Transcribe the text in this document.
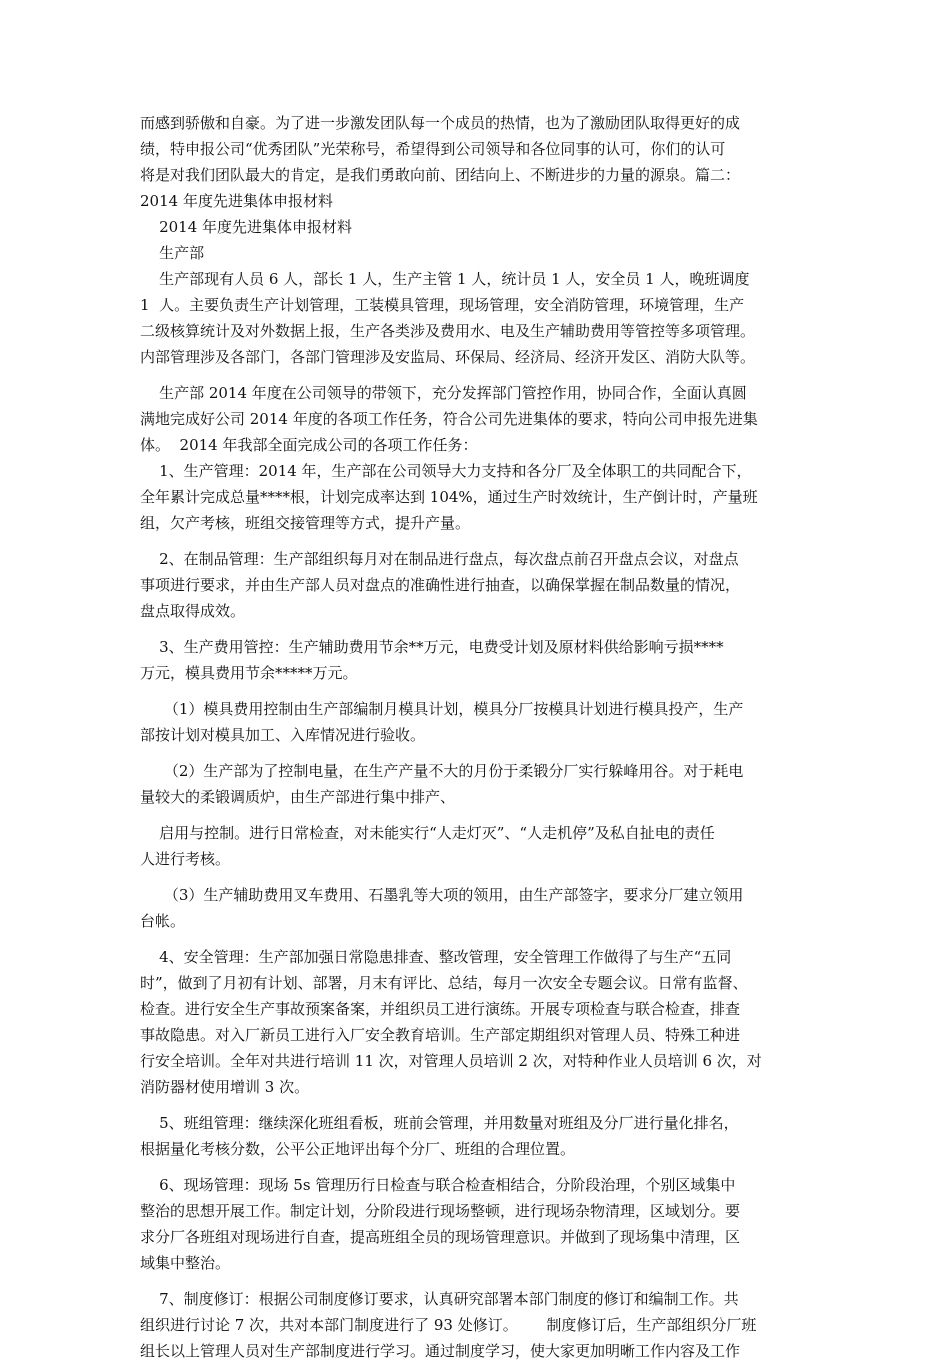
而感到骄傲和自豪。为了进一步激发团队每一个成员的热情，也为了激励团队取得更好的成
绩，特申报公司“优秀团队”光荣称号，希望得到公司领导和各位同事的认可，你们的认可
将是对我们团队最大的肯定，是我们勇敢向前、团结向上、不断进步的力量的源泉。篇二：
2014 年度先进集体申报材料
2014 年度先进集体申报材料
生产部
生产部现有人员 6 人，部长 1 人，生产主管 1 人，统计员 1 人，安全员 1 人，晚班调度
1  人。主要负责生产计划管理，工装模具管理，现场管理，安全消防管理，环境管理，生产
二级核算统计及对外数据上报，生产各类涉及费用水、电及生产辅助费用等管控等多项管理。
内部管理涉及各部门，各部门管理涉及安监局、环保局、经济局、经济开发区、消防大队等。
生产部 2014 年度在公司领导的带领下，充分发挥部门管控作用，协同合作，全面认真圆
满地完成好公司 2014 年度的各项工作任务，符合公司先进集体的要求，特向公司申报先进集
体。  2014 年我部全面完成公司的各项工作任务：
1、生产管理：2014 年，生产部在公司领导大力支持和各分厂及全体职工的共同配合下，
全年累计完成总量****根，计划完成率达到 104%，通过生产时效统计，生产倒计时，产量班
组，欠产考核，班组交接管理等方式，提升产量。
2、在制品管理：生产部组织每月对在制品进行盘点，每次盘点前召开盘点会议，对盘点
事项进行要求，并由生产部人员对盘点的准确性进行抽查，以确保掌握在制品数量的情况，
盘点取得成效。
3、生产费用管控：生产辅助费用节余**万元，电费受计划及原材料供给影响亏损****
万元，模具费用节余*****万元。
（1）模具费用控制由生产部编制月模具计划，模具分厂按模具计划进行模具投产，生产
部按计划对模具加工、入库情况进行验收。
（2）生产部为了控制电量，在生产产量不大的月份于柔锻分厂实行躲峰用谷。对于耗电
量较大的柔锻调质炉，由生产部进行集中排产、
启用与控制。进行日常检查，对未能实行“人走灯灭”、“人走机停”及私自扯电的责任
人进行考核。
（3）生产辅助费用叉车费用、石墨乳等大项的领用，由生产部签字，要求分厂建立领用
台帐。
4、安全管理：生产部加强日常隐患排查、整改管理，安全管理工作做得了与生产“五同
时”，做到了月初有计划、部署，月末有评比、总结，每月一次安全专题会议。日常有监督、
检查。进行安全生产事故预案备案，并组织员工进行演练。开展专项检查与联合检查，排查
事故隐患。对入厂新员工进行入厂安全教育培训。生产部定期组织对管理人员、特殊工种进
行安全培训。全年对共进行培训 11 次，对管理人员培训 2 次，对特种作业人员培训 6 次，对
消防器材使用增训 3 次。
5、班组管理：继续深化班组看板，班前会管理，并用数量对班组及分厂进行量化排名，
根据量化考核分数，公平公正地评出每个分厂、班组的合理位置。
6、现场管理：现场 5s 管理历行日检查与联合检查相结合，分阶段治理，个别区域集中
整治的思想开展工作。制定计划，分阶段进行现场整顿，进行现场杂物清理，区域划分。要
求分厂各班组对现场进行自查，提高班组全员的现场管理意识。并做到了现场集中清理，区
域集中整治。
7、制度修订：根据公司制度修订要求，认真研究部署本部门制度的修订和编制工作。共
组织进行讨论 7 次，共对本部门制度进行了 93 处修订。      制度修订后，生产部组织分厂班
组长以上管理人员对生产部制度进行学习。通过制度学习，使大家更加明晰工作内容及工作
